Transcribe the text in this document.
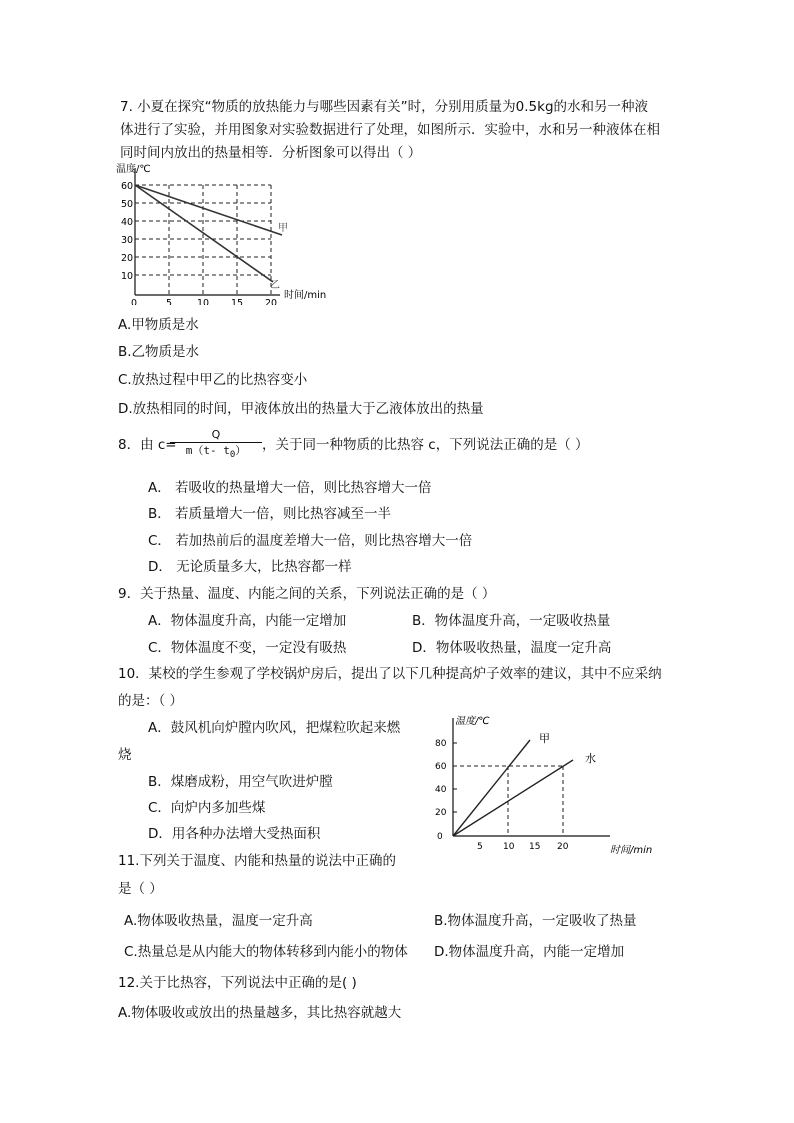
7. 小夏在探究“物质的放热能力与哪些因素有关”时，分别用质量为0.5kg的水和另一种液
体进行了实验，并用图象对实验数据进行了处理，如图所示．实验中，水和另一种液体在相
同时间内放出的热量相等．分析图象可以得出（ ）
温度/℃
时间/min
甲
乙
10
20
30
40
50
60
0	5	10 15 20
A.甲物质是水
B.乙物质是水
C.放热过程中甲乙的比热容变小
D.放热相同的时间，甲液体放出的热量大于乙液体放出的热量
8．由 c=
Q
m（t- $t_0$）	，关于同一种物质的比热容 c，下列说法正确的是（ ）
A． 若吸收的热量增大一倍，则比热容增大一倍
B． 若质量增大一倍，则比热容减至一半
C． 若加热前后的温度差增大一倍，则比热容增大一倍
D． 无论质量多大，比热容都一样
9．关于热量、温度、内能之间的关系，下列说法正确的是（ ）
A．物体温度升高，内能一定增加	B．物体温度升高，一定吸收热量
C．物体温度不变，一定没有吸热	D．物体吸收热量，温度一定升高
10．某校的学生参观了学校锅炉房后，提出了以下几种提高炉子效率的建议，其中不应采纳
的是：（ ）
A．鼓风机向炉膛内吹风，把煤粒吹起来燃
烧
B．煤磨成粉，用空气吹进炉膛
C．向炉内多加些煤
D．用各种办法增大受热面积
温度/℃
时间/min
甲
水
0
20
40
60
80
5 10 15 20
11.下列关于温度、内能和热量的说法中正确的
是（ ）
A.物体吸收热量，温度一定升高	B.物体温度升高，一定吸收了热量
C.热量总是从内能大的物体转移到内能小的物体 D.物体温度升高，内能一定增加
12.关于比热容，下列说法中正确的是( )
A.物体吸收或放出的热量越多，其比热容就越大
